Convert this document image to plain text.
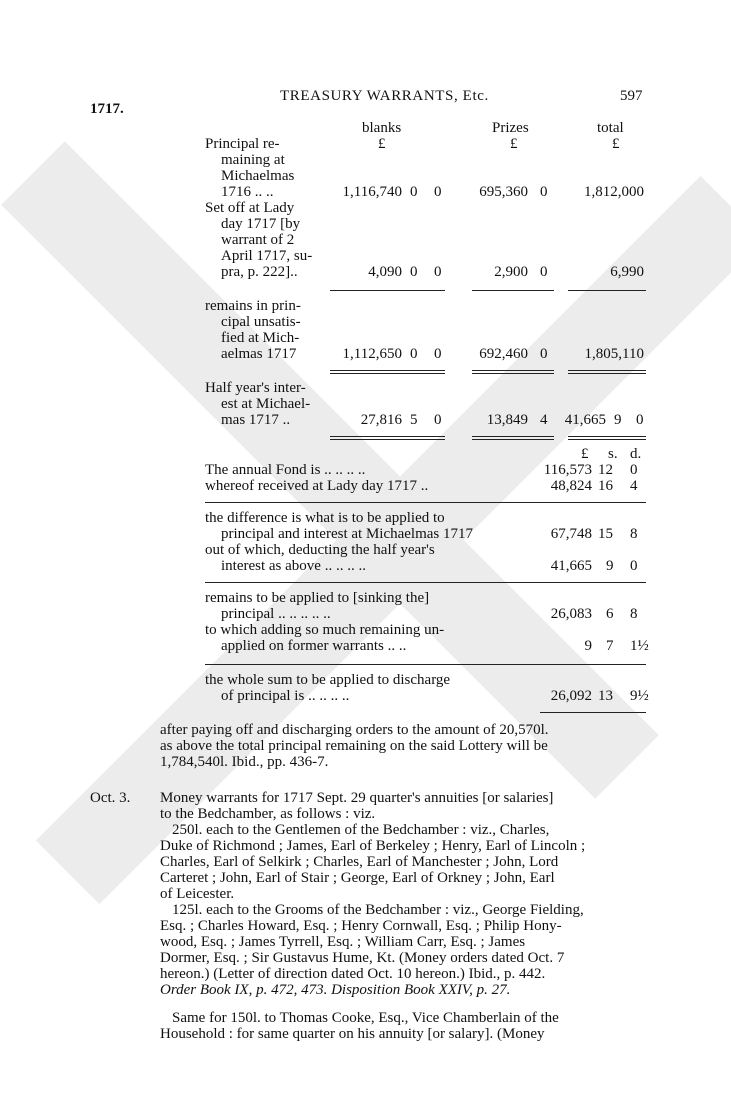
1717.
TREASURY WARRANTS, Etc.	597
blanks	Prizes	total
£	£	£
Principal re-
maining at
Michaelmas
1716 .. ..	1,116,740 0 0	695,360 0	1,812,000
Set off at Lady
day 1717 [by
warrant of 2
April 1717, su-
pra, p. 222]..	4,090 0 0	2,900 0	6,990
remains in prin-
cipal unsatis-
fied at Mich-
aelmas 1717	1,112,650 0 0	692,460 0	1,805,110
Half year's inter-
est at Michael-
mas 1717 ..	27,816 5 0	13,849 4	41,665 9 0
£ s. d.
The annual Fond is .. .. .. ..	116,573 12 0
whereof received at Lady day 1717 ..	48,824 16 4
the difference is what is to be applied to
principal and interest at Michaelmas 1717	67,748 15 8
out of which, deducting the half year's
interest as above .. .. .. ..	41,665 9 0
remains to be applied to [sinking the]
principal .. .. .. .. ..	26,083 6 8
to which adding so much remaining un-
applied on former warrants .. ..	9 7 1½
the whole sum to be applied to discharge
of principal is .. .. .. ..	26,092 13 9½
after paying off and discharging orders to the amount of 20,570l.
as above the total principal remaining on the said Lottery will be
1,784,540l. Ibid., pp. 436-7.
Oct. 3. Money warrants for 1717 Sept. 29 quarter's annuities [or salaries]
to the Bedchamber, as follows : viz.
250l. each to the Gentlemen of the Bedchamber : viz., Charles,
Duke of Richmond ; James, Earl of Berkeley ; Henry, Earl of Lincoln ;
Charles, Earl of Selkirk ; Charles, Earl of Manchester ; John, Lord
Carteret ; John, Earl of Stair ; George, Earl of Orkney ; John, Earl
of Leicester.
125l. each to the Grooms of the Bedchamber : viz., George Fielding,
Esq. ; Charles Howard, Esq. ; Henry Cornwall, Esq. ; Philip Hony-
wood, Esq. ; James Tyrrell, Esq. ; William Carr, Esq. ; James
Dormer, Esq. ; Sir Gustavus Hume, Kt. (Money orders dated Oct. 7
hereon.) (Letter of direction dated Oct. 10 hereon.) Ibid., p. 442.
Order Book IX, p. 472, 473. Disposition Book XXIV, p. 27.
Same for 150l. to Thomas Cooke, Esq., Vice Chamberlain of the
Household : for same quarter on his annuity [or salary]. (Money
